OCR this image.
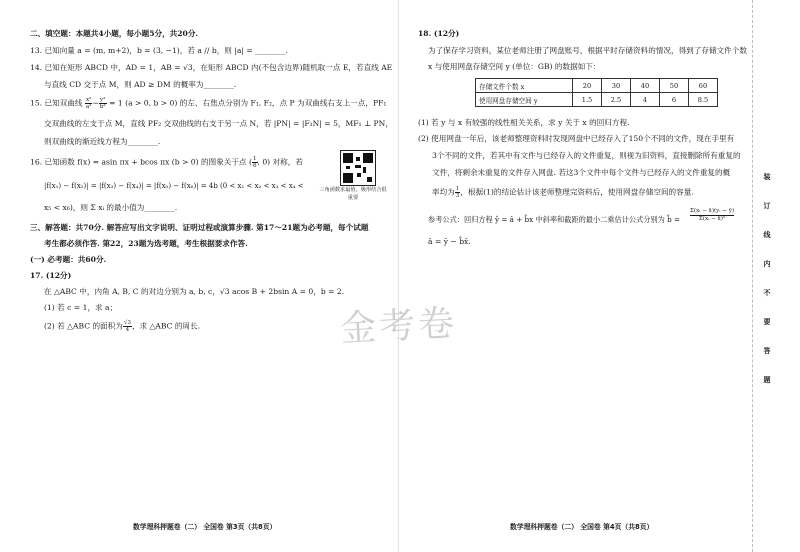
二、填空题：本题共4小题，每小题5分，共20分.
13. 已知向量 a = (m, m+2)，b = (3, −1)，若 a // b，则 |a| = ________.
14. 已知在矩形 ABCD 中，AD = 1，AB = √3，在矩形 ABCD 内(不包含边界)随机取一点 E，若直线 AE
与直线 CD 交于点 M，则 AD ≥ DM 的概率为________.
15. 已知双曲线 $\frac{\text{x²}}{\text{a²}} - \frac{\text{y²}}{\text{b²}} = 1$ (a > 0, b > 0) 的左、右焦点分别为 F₁, F₂，点 P 为双曲线右支上一点，PF₁
交双曲线的左支于点 M，直线 PF₂ 交双曲线的右支于另一点 N，若 |PN| = |F₁N| = 5，MF₁ ⊥ PN，
则双曲线的渐近线方程为________.
16. 已知函数 f(x) = asin πx + bcos πx (b > 0) 的图象关于点 ( $\frac{1}{6}$ , 0) 对称，若
|f(x₁) − f(x₂)| = |f(x₃) − f(x₄)| = |f(x₅) − f(x₆)| = 4b (0 < x₁ < x₂ < x₃ < x₄ <
x₅ < x₆)，则 Σ xᵢ 的最小值为________.
三角函数求最值，极形结合很重要
三、解答题：共70分. 解答应写出文字说明、证明过程或演算步骤. 第17～21题为必考题，每个试题
考生都必须作答. 第22，23题为选考题，考生根据要求作答.
(一) 必考题：共60分.
17. (12分)
在 △ABC 中，内角 A, B, C 的对边分别为 a, b, c，√3 acos B + 2bsin A = 0，b = 2.
(1) 若 c = 1，求 a；
(2) 若 △ABC 的面积为 $\frac{√3}{4}$ ，求 △ABC 的周长.
数学理科押题卷（二） 全国卷 第3页（共8页）
金考卷
18. (12分)
为了保存学习资料，某位老师注册了网盘账号，根据平时存储资料的情况，得到了存储文件个数
x 与使用网盘存储空间 y (单位：GB) 的数据如下：
存储文件个数 x	20	30	40	50	60
使用网盘存储空间 y	1.5	2.5	4	6	8.5
(1) 若 y 与 x 有较强的线性相关关系，求 y 关于 x 的回归方程.
(2) 使用网盘一年后，该老师整理资料时发现网盘中已经存入了150个不同的文件，现在手里有
3个不同的文件，若其中有文件与已经存入的文件重复，则视为旧资料，直接删除所有重复的
文件，将剩余未重复的文件存入网盘. 若这3个文件中每个文件与已经存入的文件重复的概
率均为 $\frac{1}{3}$ ，根据(1)的结论估计该老师整理完资料后，使用网盘存储空间的容量.
参考公式：回归方程 ŷ = â + b̂x 中斜率和截距的最小二乘估计公式分别为 b̂ = $\frac{\text{Σ(xᵢ − x̄)(yᵢ − ȳ)}}{\text{Σ(xᵢ − x̄)²}}$
â = ȳ − b̂x̄.
数学理科押题卷（二） 全国卷 第4页（共8页）
装
订
线
内
不
要
答
题
